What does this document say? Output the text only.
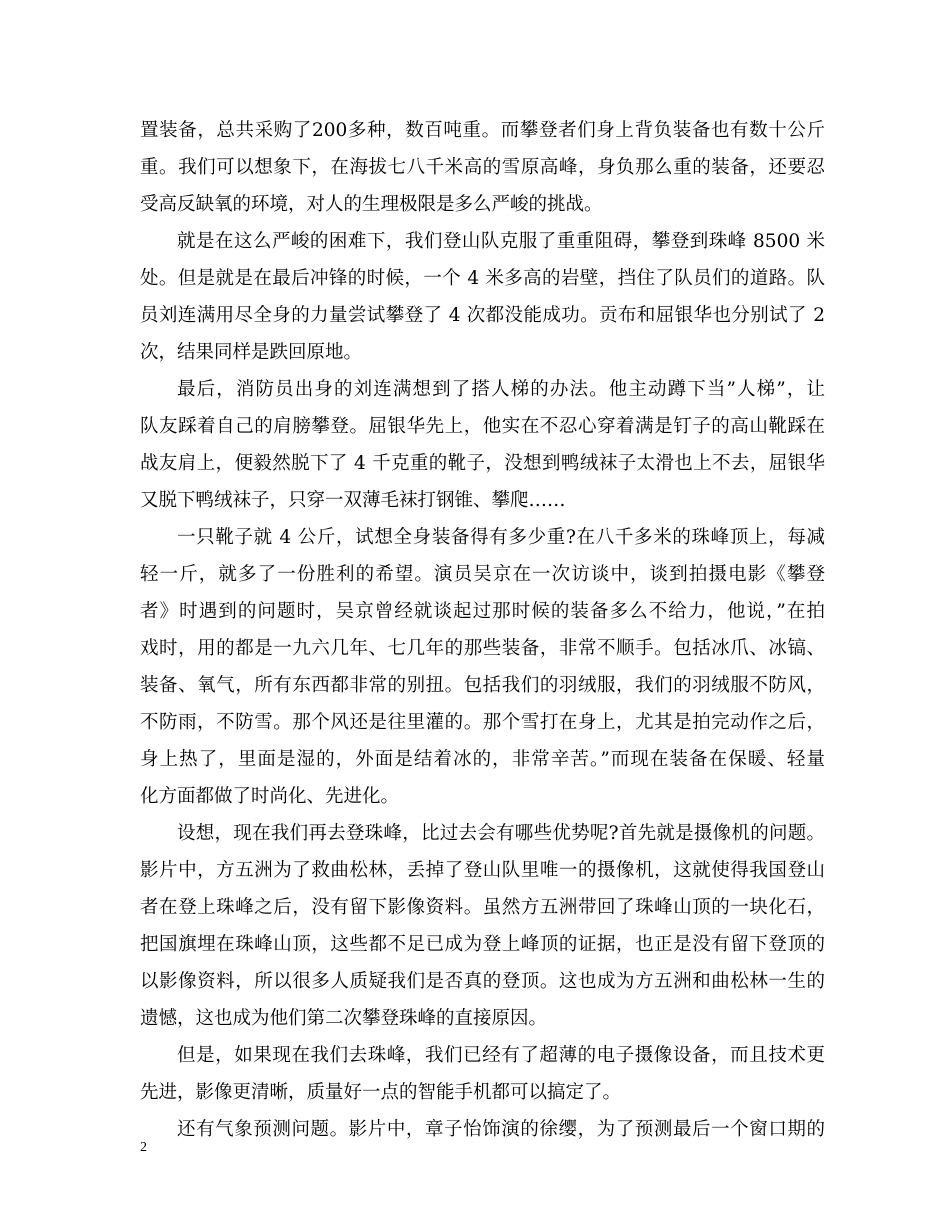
置装备，总共采购了200多种，数百吨重。而攀登者们身上背负装备也有数十公斤
重。我们可以想象下，在海拔七八千米高的雪原高峰，身负那么重的装备，还要忍
受高反缺氧的环境，对人的生理极限是多么严峻的挑战。
就是在这么严峻的困难下，我们登山队克服了重重阻碍，攀登到珠峰 8500 米
处。但是就是在最后冲锋的时候，一个 4 米多高的岩壁，挡住了队员们的道路。队
员刘连满用尽全身的力量尝试攀登了 4 次都没能成功。贡布和屈银华也分别试了 2
次，结果同样是跌回原地。
最后，消防员出身的刘连满想到了搭人梯的办法。他主动蹲下当”人梯”，让
队友踩着自己的肩膀攀登。屈银华先上，他实在不忍心穿着满是钉子的高山靴踩在
战友肩上，便毅然脱下了 4 千克重的靴子，没想到鸭绒袜子太滑也上不去，屈银华
又脱下鸭绒袜子，只穿一双薄毛袜打钢锥、攀爬……
一只靴子就 4 公斤，试想全身装备得有多少重?在八千多米的珠峰顶上，每减
轻一斤，就多了一份胜利的希望。演员吴京在一次访谈中，谈到拍摄电影《攀登
者》时遇到的问题时，吴京曾经就谈起过那时候的装备多么不给力，他说，”在拍
戏时，用的都是一九六几年、七几年的那些装备，非常不顺手。包括冰爪、冰镐、
装备、氧气，所有东西都非常的别扭。包括我们的羽绒服，我们的羽绒服不防风，
不防雨，不防雪。那个风还是往里灌的。那个雪打在身上，尤其是拍完动作之后，
身上热了，里面是湿的，外面是结着冰的，非常辛苦。”而现在装备在保暖、轻量
化方面都做了时尚化、先进化。
设想，现在我们再去登珠峰，比过去会有哪些优势呢?首先就是摄像机的问题。
影片中，方五洲为了救曲松林，丢掉了登山队里唯一的摄像机，这就使得我国登山
者在登上珠峰之后，没有留下影像资料。虽然方五洲带回了珠峰山顶的一块化石，
把国旗埋在珠峰山顶，这些都不足已成为登上峰顶的证据，也正是没有留下登顶的
以影像资料，所以很多人质疑我们是否真的登顶。这也成为方五洲和曲松林一生的
遗憾，这也成为他们第二次攀登珠峰的直接原因。
但是，如果现在我们去珠峰，我们已经有了超薄的电子摄像设备，而且技术更
先进，影像更清晰，质量好一点的智能手机都可以搞定了。
还有气象预测问题。影片中，章子怡饰演的徐缨，为了预测最后一个窗口期的
2
